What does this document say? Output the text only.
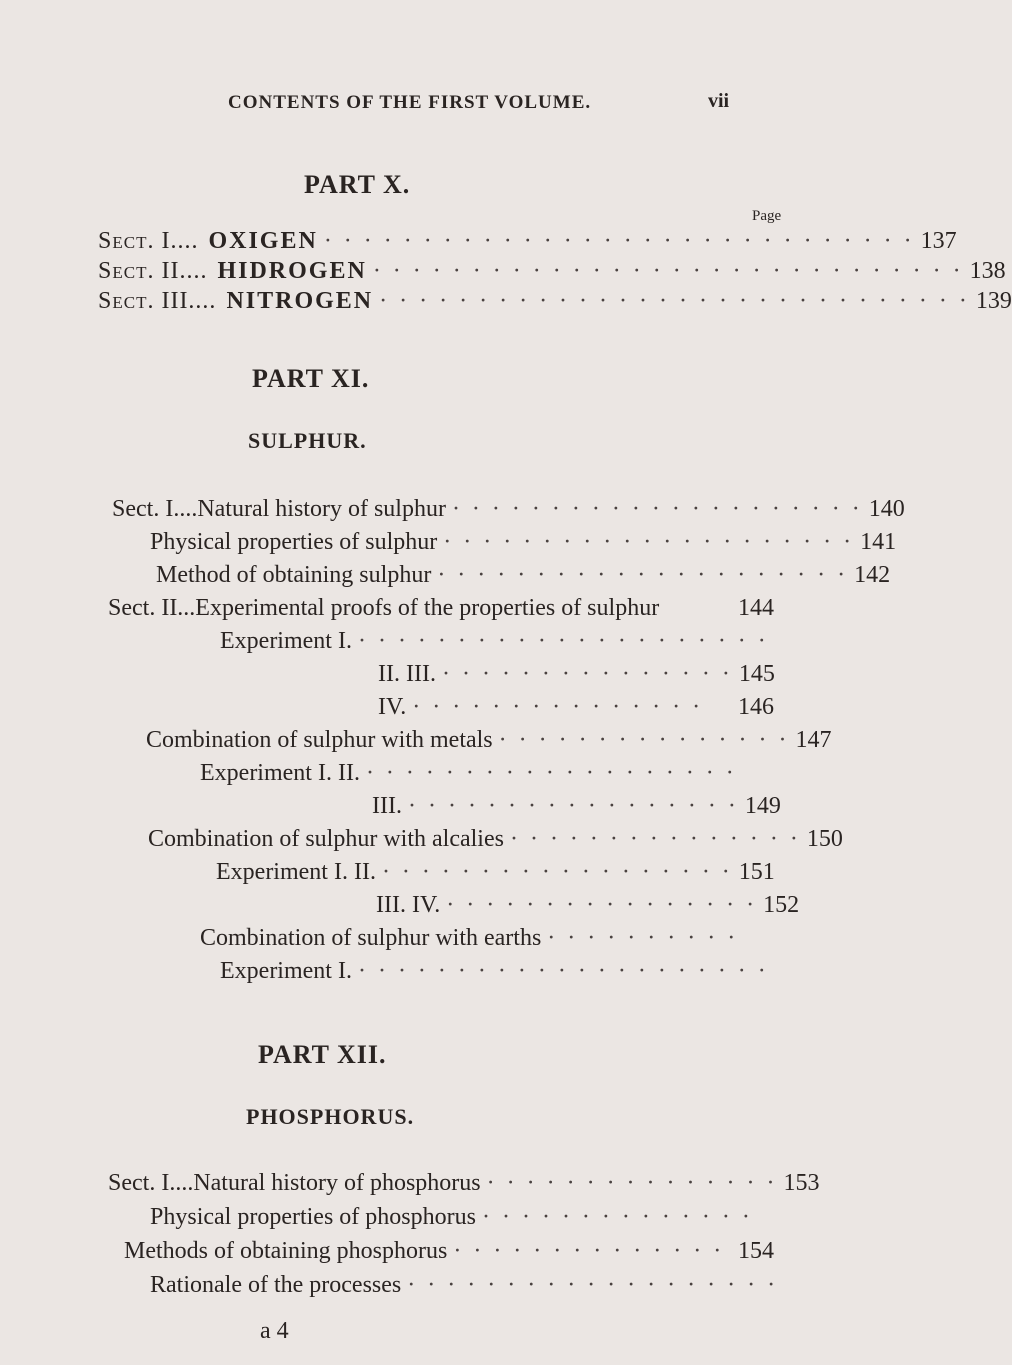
CONTENTS OF THE FIRST VOLUME.	vii
PART X.
Page
Sect. I.... OXIGEN · · · · · · · · · · · · · · · · · · · · · · · · · · · · · · 137
Sect. II.... HIDROGEN · · · · · · · · · · · · · · · · · · · · · · · · · · · · · · 138
Sect. III.... NITROGEN · · · · · · · · · · · · · · · · · · · · · · · · · · · · · · 139
PART XI.
SULPHUR.
Sect. I....Natural history of sulphur · · · · · · · · · · · · · · · · · · · · · 140
Physical properties of sulphur · · · · · · · · · · · · · · · · · · · · · 141
Method of obtaining sulphur · · · · · · · · · · · · · · · · · · · · · 142
Sect. II...Experimental proofs of the properties of sulphur	144
Experiment I. · · · · · · · · · · · · · · · · · · · · ·
II. III. · · · · · · · · · · · · · · · 145
IV. · · · · · · · · · · · · · · ·	146
Combination of sulphur with metals · · · · · · · · · · · · · · · 147
Experiment I. II. · · · · · · · · · · · · · · · · · · ·
III. · · · · · · · · · · · · · · · · · 149
Combination of sulphur with alcalies · · · · · · · · · · · · · · · 150
Experiment I. II. · · · · · · · · · · · · · · · · · · 151
III. IV. · · · · · · · · · · · · · · · · 152
Combination of sulphur with earths · · · · · · · · · ·
Experiment I. · · · · · · · · · · · · · · · · · · · · ·
PART XII.
PHOSPHORUS.
Sect. I....Natural history of phosphorus · · · · · · · · · · · · · · · 153
Physical properties of phosphorus · · · · · · · · · · · · · ·
Methods of obtaining phosphorus · · · · · · · · · · · · · · 154
Rationale of the processes · · · · · · · · · · · · · · · · · · ·
a 4
